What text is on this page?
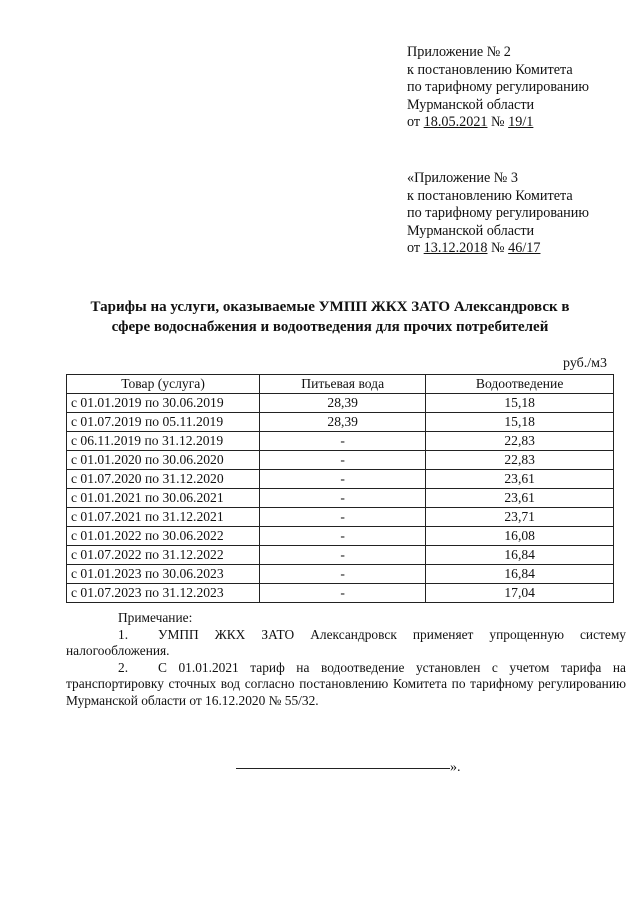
Приложение № 2
к постановлению Комитета
по тарифному регулированию
Мурманской области
от 18.05.2021 № 19/1
«Приложение № 3
к постановлению Комитета
по тарифному регулированию
Мурманской области
от 13.12.2018 № 46/17
Тарифы на услуги, оказываемые УМПП ЖКХ ЗАТО Александровск в
сфере водоснабжения и водоотведения для прочих потребителей
руб./м3
Товар (услуга)	Питьевая вода	Водоотведение
с 01.01.2019 по 30.06.2019	28,39	15,18
с 01.07.2019 по 05.11.2019	28,39	15,18
с 06.11.2019 по 31.12.2019	-	22,83
с 01.01.2020 по 30.06.2020	-	22,83
с 01.07.2020 по 31.12.2020	-	23,61
с 01.01.2021 по 30.06.2021	-	23,61
с 01.07.2021 по 31.12.2021	-	23,71
с 01.01.2022 по 30.06.2022	-	16,08
с 01.07.2022 по 31.12.2022	-	16,84
с 01.01.2023 по 30.06.2023	-	16,84
с 01.07.2023 по 31.12.2023	-	17,04

Примечание:

1. УМПП ЖКХ ЗАТО Александровск применяет упрощенную систему налогообложения.

2. С 01.01.2021 тариф на водоотведение установлен с учетом тарифа на транспортировку сточных вод согласно постановлению Комитета по тарифному регулированию Мурманской области от 16.12.2020 № 55/32.

».
